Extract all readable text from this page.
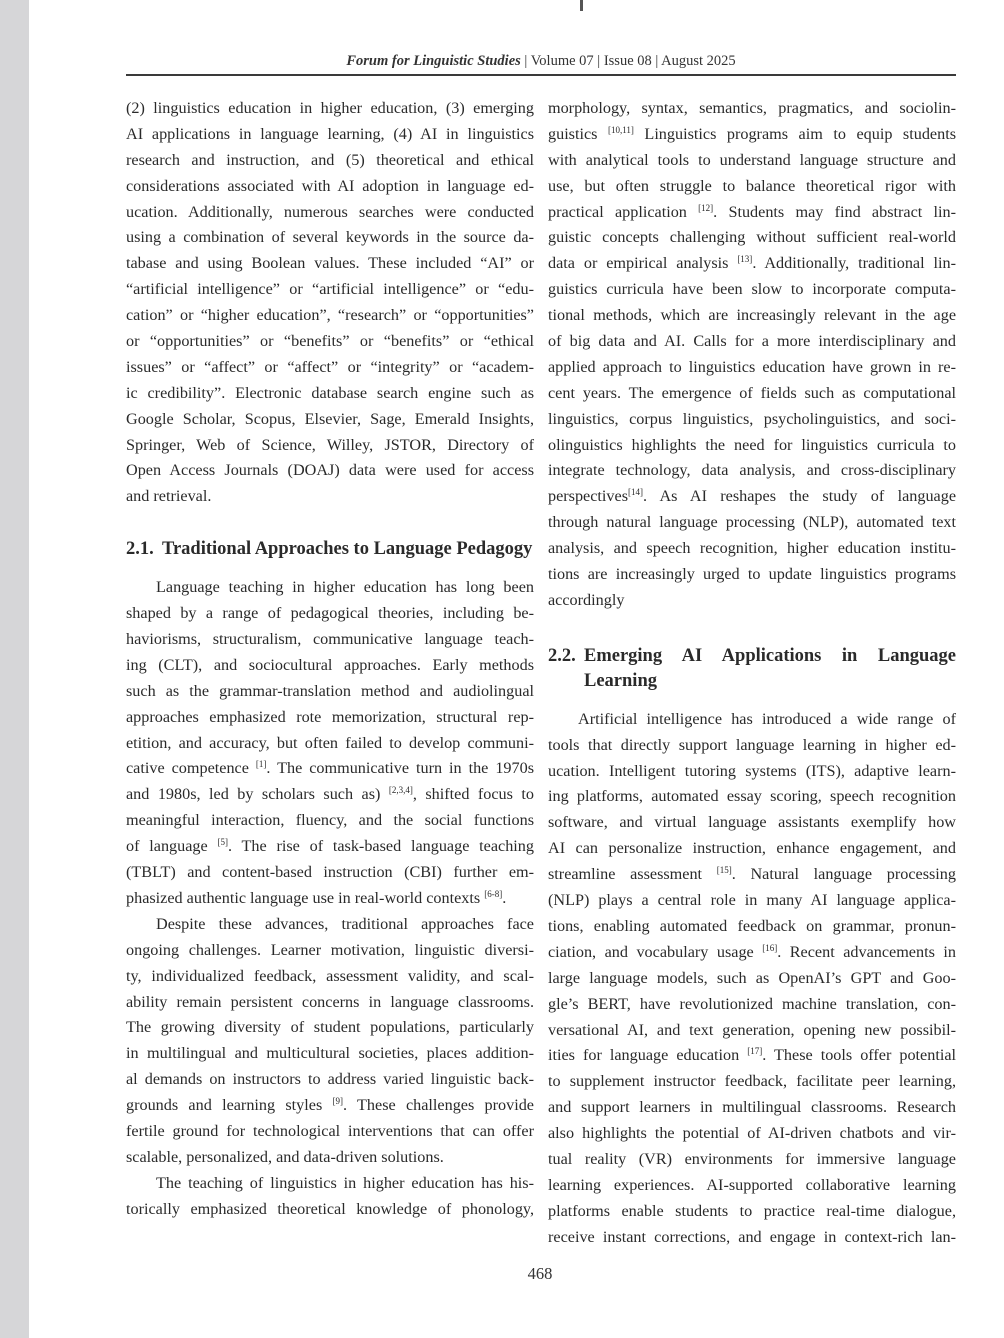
Forum for Linguistic Studies | Volume 07 | Issue 08 | August 2025
(2) linguistics education in higher education, (3) emerging
AI applications in language learning, (4) AI in linguistics
research and instruction, and (5) theoretical and ethical
considerations associated with AI adoption in language ed-
ucation. Additionally, numerous searches were conducted
using a combination of several keywords in the source da-
tabase and using Boolean values. These included “AI” or
“artificial intelligence” or “artificial intelligence” or “edu-
cation” or “higher education”, “research” or “opportunities”
or “opportunities” or “benefits” or “benefits” or “ethical
issues” or “affect” or “affect” or “integrity” or “academ-
ic credibility”. Electronic database search engine such as
Google Scholar, Scopus, Elsevier, Sage, Emerald Insights,
Springer, Web of Science, Willey, JSTOR, Directory of
Open Access Journals (DOAJ) data were used for access
and retrieval.
2.1. Traditional Approaches to Language Pedagogy
Language teaching in higher education has long been
shaped by a range of pedagogical theories, including be-
haviorisms, structuralism, communicative language teach-
ing (CLT), and sociocultural approaches. Early methods
such as the grammar-translation method and audiolingual
approaches emphasized rote memorization, structural rep-
etition, and accuracy, but often failed to develop communi-
cative competence [1]. The communicative turn in the 1970s
and 1980s, led by scholars such as) [2,3,4], shifted focus to
meaningful interaction, fluency, and the social functions
of language [5]. The rise of task-based language teaching
(TBLT) and content-based instruction (CBI) further em-
phasized authentic language use in real-world contexts [6-8].
Despite these advances, traditional approaches face
ongoing challenges. Learner motivation, linguistic diversi-
ty, individualized feedback, assessment validity, and scal-
ability remain persistent concerns in language classrooms.
The growing diversity of student populations, particularly
in multilingual and multicultural societies, places addition-
al demands on instructors to address varied linguistic back-
grounds and learning styles [9]. These challenges provide
fertile ground for technological interventions that can offer
scalable, personalized, and data-driven solutions.
The teaching of linguistics in higher education has his-
torically emphasized theoretical knowledge of phonology,
morphology, syntax, semantics, pragmatics, and sociolin-
guistics [10,11] Linguistics programs aim to equip students
with analytical tools to understand language structure and
use, but often struggle to balance theoretical rigor with
practical application [12]. Students may find abstract lin-
guistic concepts challenging without sufficient real-world
data or empirical analysis [13]. Additionally, traditional lin-
guistics curricula have been slow to incorporate computa-
tional methods, which are increasingly relevant in the age
of big data and AI. Calls for a more interdisciplinary and
applied approach to linguistics education have grown in re-
cent years. The emergence of fields such as computational
linguistics, corpus linguistics, psycholinguistics, and soci-
olinguistics highlights the need for linguistics curricula to
integrate technology, data analysis, and cross-disciplinary
perspectives[14]. As AI reshapes the study of language
through natural language processing (NLP), automated text
analysis, and speech recognition, higher education institu-
tions are increasingly urged to update linguistics programs
accordingly
2.2. Emerging AI Applications in Language Learning
Artificial intelligence has introduced a wide range of
tools that directly support language learning in higher ed-
ucation. Intelligent tutoring systems (ITS), adaptive learn-
ing platforms, automated essay scoring, speech recognition
software, and virtual language assistants exemplify how
AI can personalize instruction, enhance engagement, and
streamline assessment [15]. Natural language processing
(NLP) plays a central role in many AI language applica-
tions, enabling automated feedback on grammar, pronun-
ciation, and vocabulary usage [16]. Recent advancements in
large language models, such as OpenAI’s GPT and Goo-
gle’s BERT, have revolutionized machine translation, con-
versational AI, and text generation, opening new possibil-
ities for language education [17]. These tools offer potential
to supplement instructor feedback, facilitate peer learning,
and support learners in multilingual classrooms. Research
also highlights the potential of AI-driven chatbots and vir-
tual reality (VR) environments for immersive language
learning experiences. AI-supported collaborative learning
platforms enable students to practice real-time dialogue,
receive instant corrections, and engage in context-rich lan-
468
